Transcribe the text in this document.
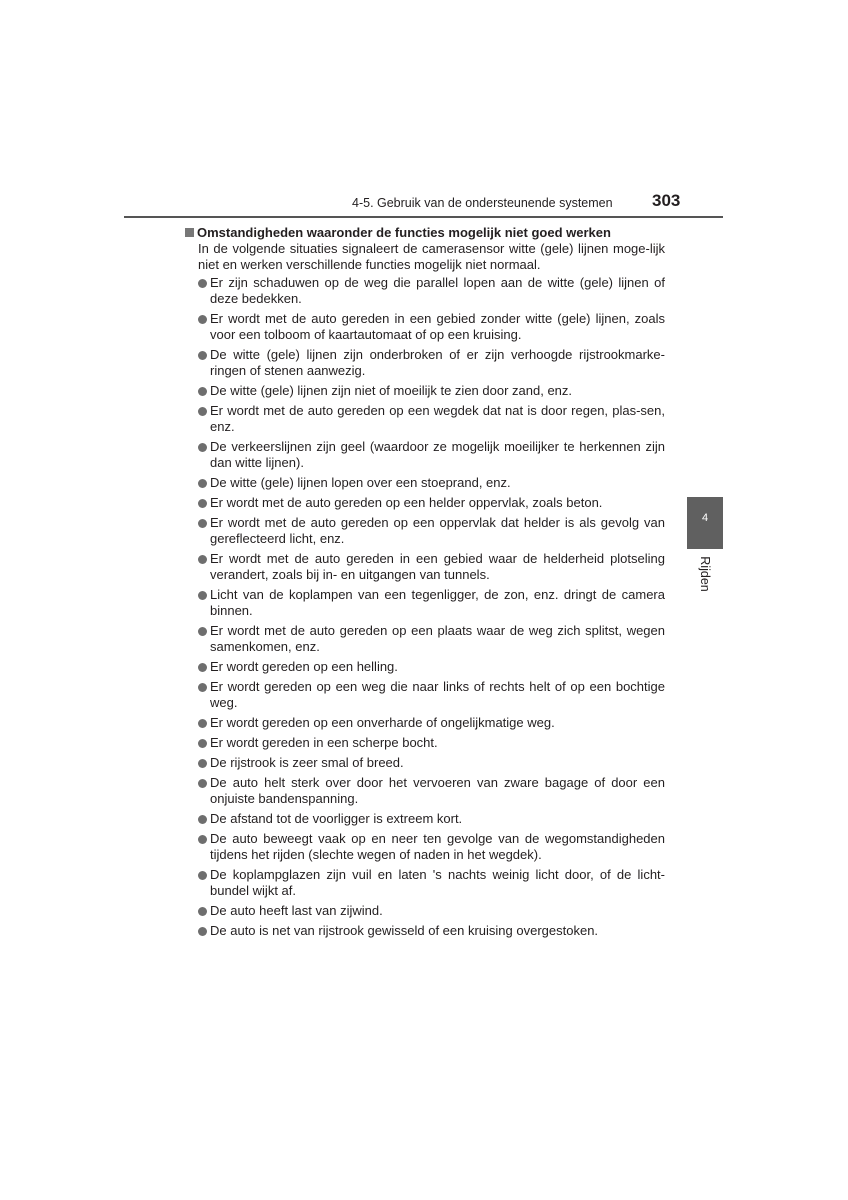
4-5. Gebruik van de ondersteunende systemen 303
4
Rijden
Omstandigheden waaronder de functies mogelijk niet goed werken
In de volgende situaties signaleert de camerasensor witte (gele) lijnen moge-lijk niet en werken verschillende functies mogelijk niet normaal.
Er zijn schaduwen op de weg die parallel lopen aan de witte (gele) lijnen of deze bedekken.
Er wordt met de auto gereden in een gebied zonder witte (gele) lijnen, zoals voor een tolboom of kaartautomaat of op een kruising.
De witte (gele) lijnen zijn onderbroken of er zijn verhoogde rijstrookmarke-ringen of stenen aanwezig.
De witte (gele) lijnen zijn niet of moeilijk te zien door zand, enz.
Er wordt met de auto gereden op een wegdek dat nat is door regen, plas-sen, enz.
De verkeerslijnen zijn geel (waardoor ze mogelijk moeilijker te herkennen zijn dan witte lijnen).
De witte (gele) lijnen lopen over een stoeprand, enz.
Er wordt met de auto gereden op een helder oppervlak, zoals beton.
Er wordt met de auto gereden op een oppervlak dat helder is als gevolg van gereflecteerd licht, enz.
Er wordt met de auto gereden in een gebied waar de helderheid plotseling verandert, zoals bij in- en uitgangen van tunnels.
Licht van de koplampen van een tegenligger, de zon, enz. dringt de camera binnen.
Er wordt met de auto gereden op een plaats waar de weg zich splitst, wegen samenkomen, enz.
Er wordt gereden op een helling.
Er wordt gereden op een weg die naar links of rechts helt of op een bochtige weg.
Er wordt gereden op een onverharde of ongelijkmatige weg.
Er wordt gereden in een scherpe bocht.
De rijstrook is zeer smal of breed.
De auto helt sterk over door het vervoeren van zware bagage of door een onjuiste bandenspanning.
De afstand tot de voorligger is extreem kort.
De auto beweegt vaak op en neer ten gevolge van de wegomstandigheden tijdens het rijden (slechte wegen of naden in het wegdek).
De koplampglazen zijn vuil en laten 's nachts weinig licht door, of de licht-bundel wijkt af.
De auto heeft last van zijwind.
De auto is net van rijstrook gewisseld of een kruising overgestoken.
